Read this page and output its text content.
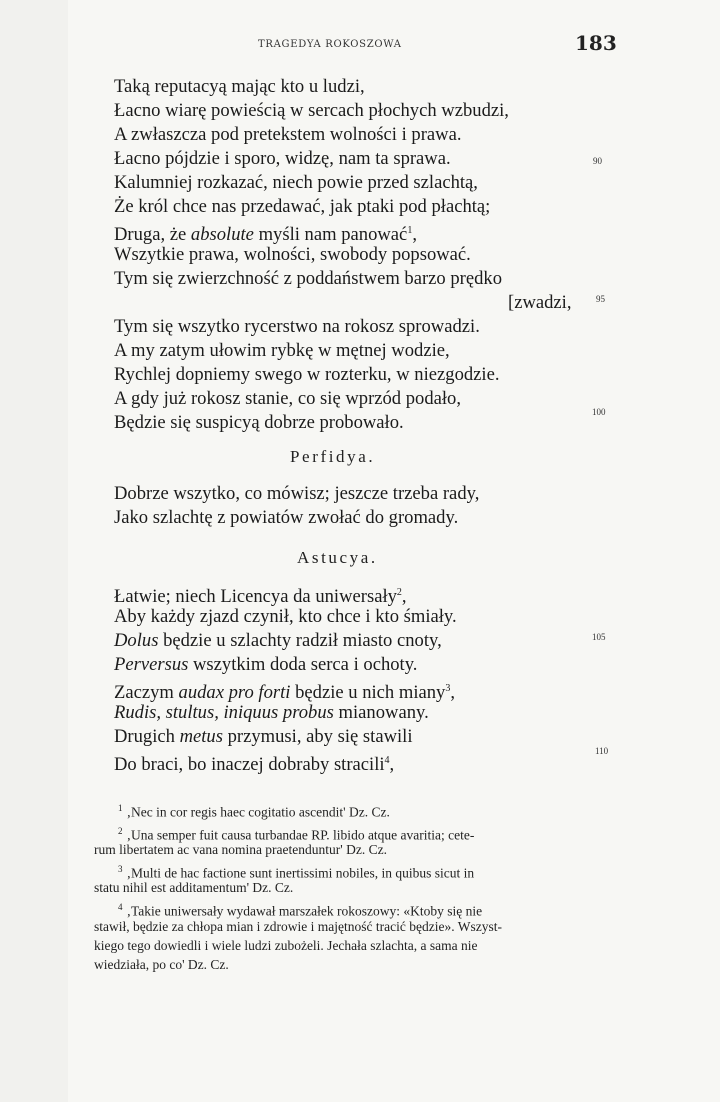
TRAGEDYA ROKOSZOWA	183
Taką reputacyą mając kto u ludzi,
Łacno wiarę powieścią w sercach płochych wzbudzi,
A zwłaszcza pod pretekstem wolności i prawa.
Łacno pójdzie i sporo, widzę, nam ta sprawa.	90
Kalumniej rozkazać, niech powie przed szlachtą,
Że król chce nas przedawać, jak ptaki pod płachtą;
Druga, że absolute myśli nam panować$^1$,
Wszytkie prawa, wolności, swobody popsować.
Tym się zwierzchność z poddaństwem barzo prędko
[zwadzi,	95
Tym się wszytko rycerstwo na rokosz sprowadzi.
A my zatym ułowim rybkę w mętnej wodzie,
Rychlej dopniemy swego w rozterku, w niezgodzie.
A gdy już rokosz stanie, co się wprzód podało,
Będzie się suspicyą dobrze probowało.	100
Perfidya.
Dobrze wszytko, co mówisz; jeszcze trzeba rady,
Jako szlachtę z powiatów zwołać do gromady.
Astucya.
Łatwie; niech Licencya da uniwersały$^2$,
Aby każdy zjazd czynił, kto chce i kto śmiały.
Dolus będzie u szlachty radził miasto cnoty,	105
Perversus wszytkim doda serca i ochoty.
Zaczym audax pro forti będzie u nich miany$^3$,
Rudis, stultus, iniquus probus mianowany.
Drugich metus przymusi, aby się stawili
Do braci, bo inaczej dobraby stracili$^4$,
110
$^1$ ‚Nec in cor regis haec cogitatio ascendit' Dz. Cz.
$^2$ ‚Una semper fuit causa turbandae RP. libido atque avaritia; cete-
rum libertatem ac vana nomina praetenduntur' Dz. Cz.
$^3$ ‚Multi de hac factione sunt inertissimi nobiles, in quibus sicut in
statu nihil est additamentum' Dz. Cz.
$^4$ ‚Takie uniwersały wydawał marszałek rokoszowy: «Ktoby się nie
stawił, będzie za chłopa mian i zdrowie i majętność tracić będzie». Wszyst-
kiego tego dowiedli i wiele ludzi zubożeli. Jechała szlachta, a sama nie
wiedziała, po co' Dz. Cz.
